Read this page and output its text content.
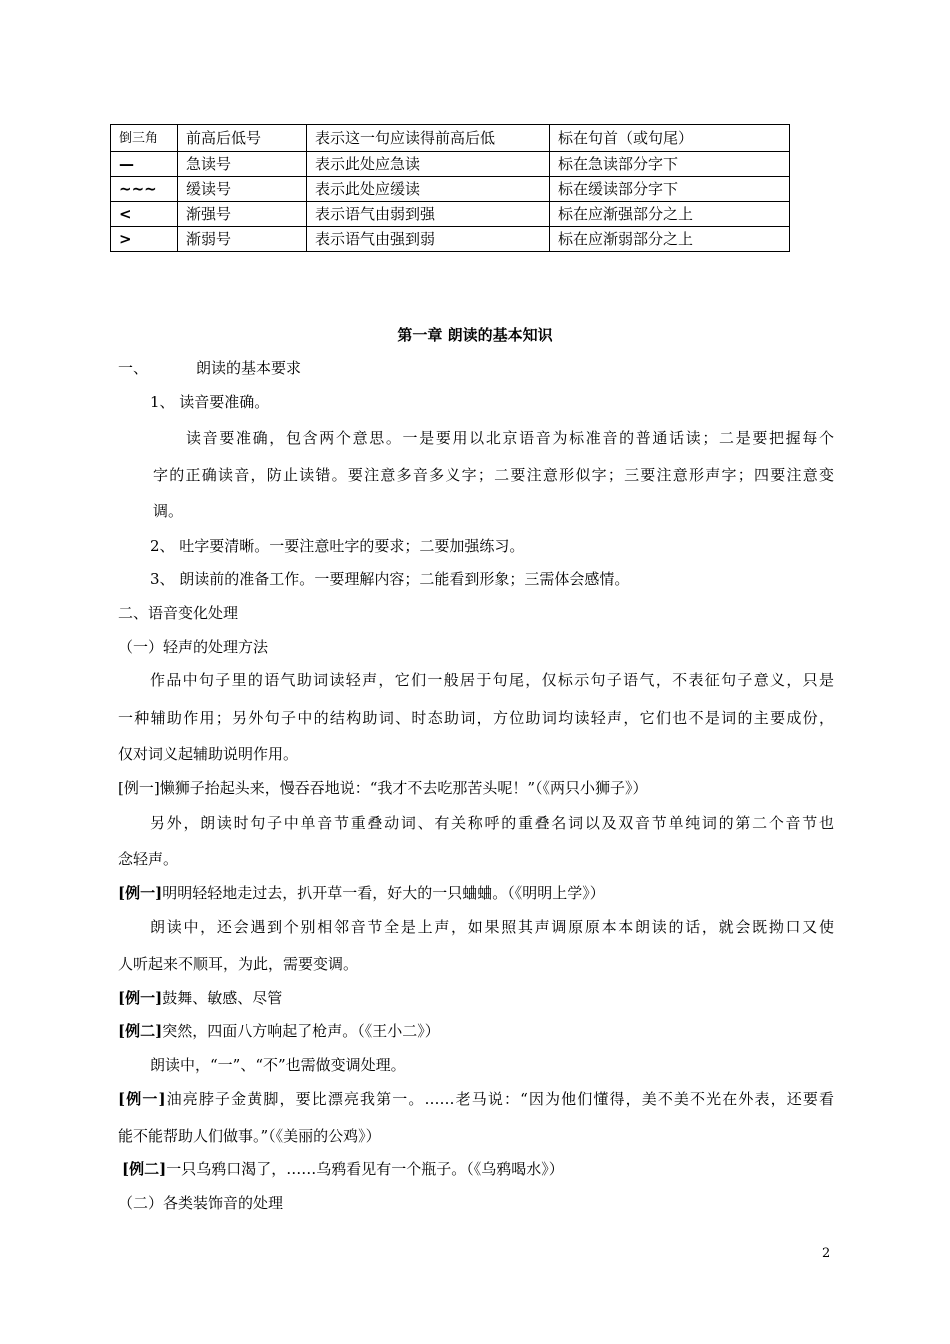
倒三角	前高后低号	表示这一句应读得前高后低	标在句首（或句尾）
—	急读号	表示此处应急读	标在急读部分字下
~~~	缓读号	表示此处应缓读	标在缓读部分字下
<	渐强号	表示语气由弱到强	标在应渐强部分之上
>	渐弱号	表示语气由强到弱	标在应渐弱部分之上
第一章 朗读的基本知识
一、	朗读的基本要求
1、 读音要准确。
读音要准确，包含两个意思。一是要用以北京语音为标准音的普通话读；二是要把握每个
字的正确读音，防止读错。要注意多音多义字；二要注意形似字；三要注意形声字；四要注意变
调。
2、 吐字要清晰。一要注意吐字的要求；二要加强练习。
3、 朗读前的准备工作。一要理解内容；二能看到形象；三需体会感情。
二、语音变化处理
（一）轻声的处理方法
作品中句子里的语气助词读轻声，它们一般居于句尾，仅标示句子语气，不表征句子意义，只是
一种辅助作用；另外句子中的结构助词、时态助词，方位助词均读轻声，它们也不是词的主要成份，
仅对词义起辅助说明作用。
[例一]懒狮子抬起头来，慢吞吞地说：“我才不去吃那苦头呢！”（《两只小狮子》）
另外，朗读时句子中单音节重叠动词、有关称呼的重叠名词以及双音节单纯词的第二个音节也
念轻声。
[例一]明明轻轻地走过去，扒开草一看，好大的一只蛐蛐。（《明明上学》）
朗读中，还会遇到个别相邻音节全是上声，如果照其声调原原本本朗读的话，就会既拗口又使
人听起来不顺耳，为此，需要变调。
[例一]鼓舞、敏感、尽管
[例二]突然，四面八方响起了枪声。（《王小二》）
朗读中，“一”、“不”也需做变调处理。
[例一]油亮脖子金黄脚，要比漂亮我第一。……老马说：“因为他们懂得，美不美不光在外表，还要看
能不能帮助人们做事。”（《美丽的公鸡》）
[例二]一只乌鸦口渴了，……乌鸦看见有一个瓶子。（《乌鸦喝水》）
（二）各类装饰音的处理
2
